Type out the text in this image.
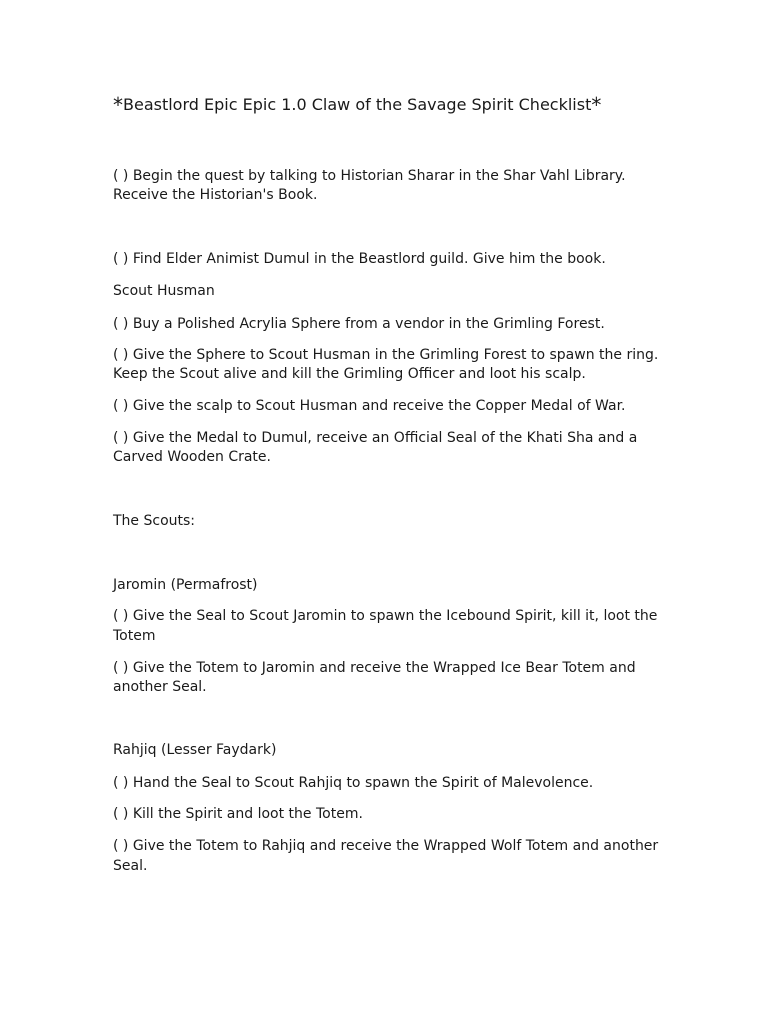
*Beastlord Epic Epic 1.0 Claw of the Savage Spirit Checklist*
( ) Begin the quest by talking to Historian Sharar in the Shar Vahl Library.
Receive the Historian's Book.
( ) Find Elder Animist Dumul in the Beastlord guild. Give him the book.
Scout Husman
( ) Buy a Polished Acrylia Sphere from a vendor in the Grimling Forest.
( ) Give the Sphere to Scout Husman in the Grimling Forest to spawn the ring.
Keep the Scout alive and kill the Grimling Officer and loot his scalp.
( ) Give the scalp to Scout Husman and receive the Copper Medal of War.
( ) Give the Medal to Dumul, receive an Official Seal of the Khati Sha and a
Carved Wooden Crate.
The Scouts:
Jaromin (Permafrost)
( ) Give the Seal to Scout Jaromin to spawn the Icebound Spirit, kill it, loot the
Totem
( ) Give the Totem to Jaromin and receive the Wrapped Ice Bear Totem and
another Seal.
Rahjiq (Lesser Faydark)
( ) Hand the Seal to Scout Rahjiq to spawn the Spirit of Malevolence.
( ) Kill the Spirit and loot the Totem.
( ) Give the Totem to Rahjiq and receive the Wrapped Wolf Totem and another
Seal.
